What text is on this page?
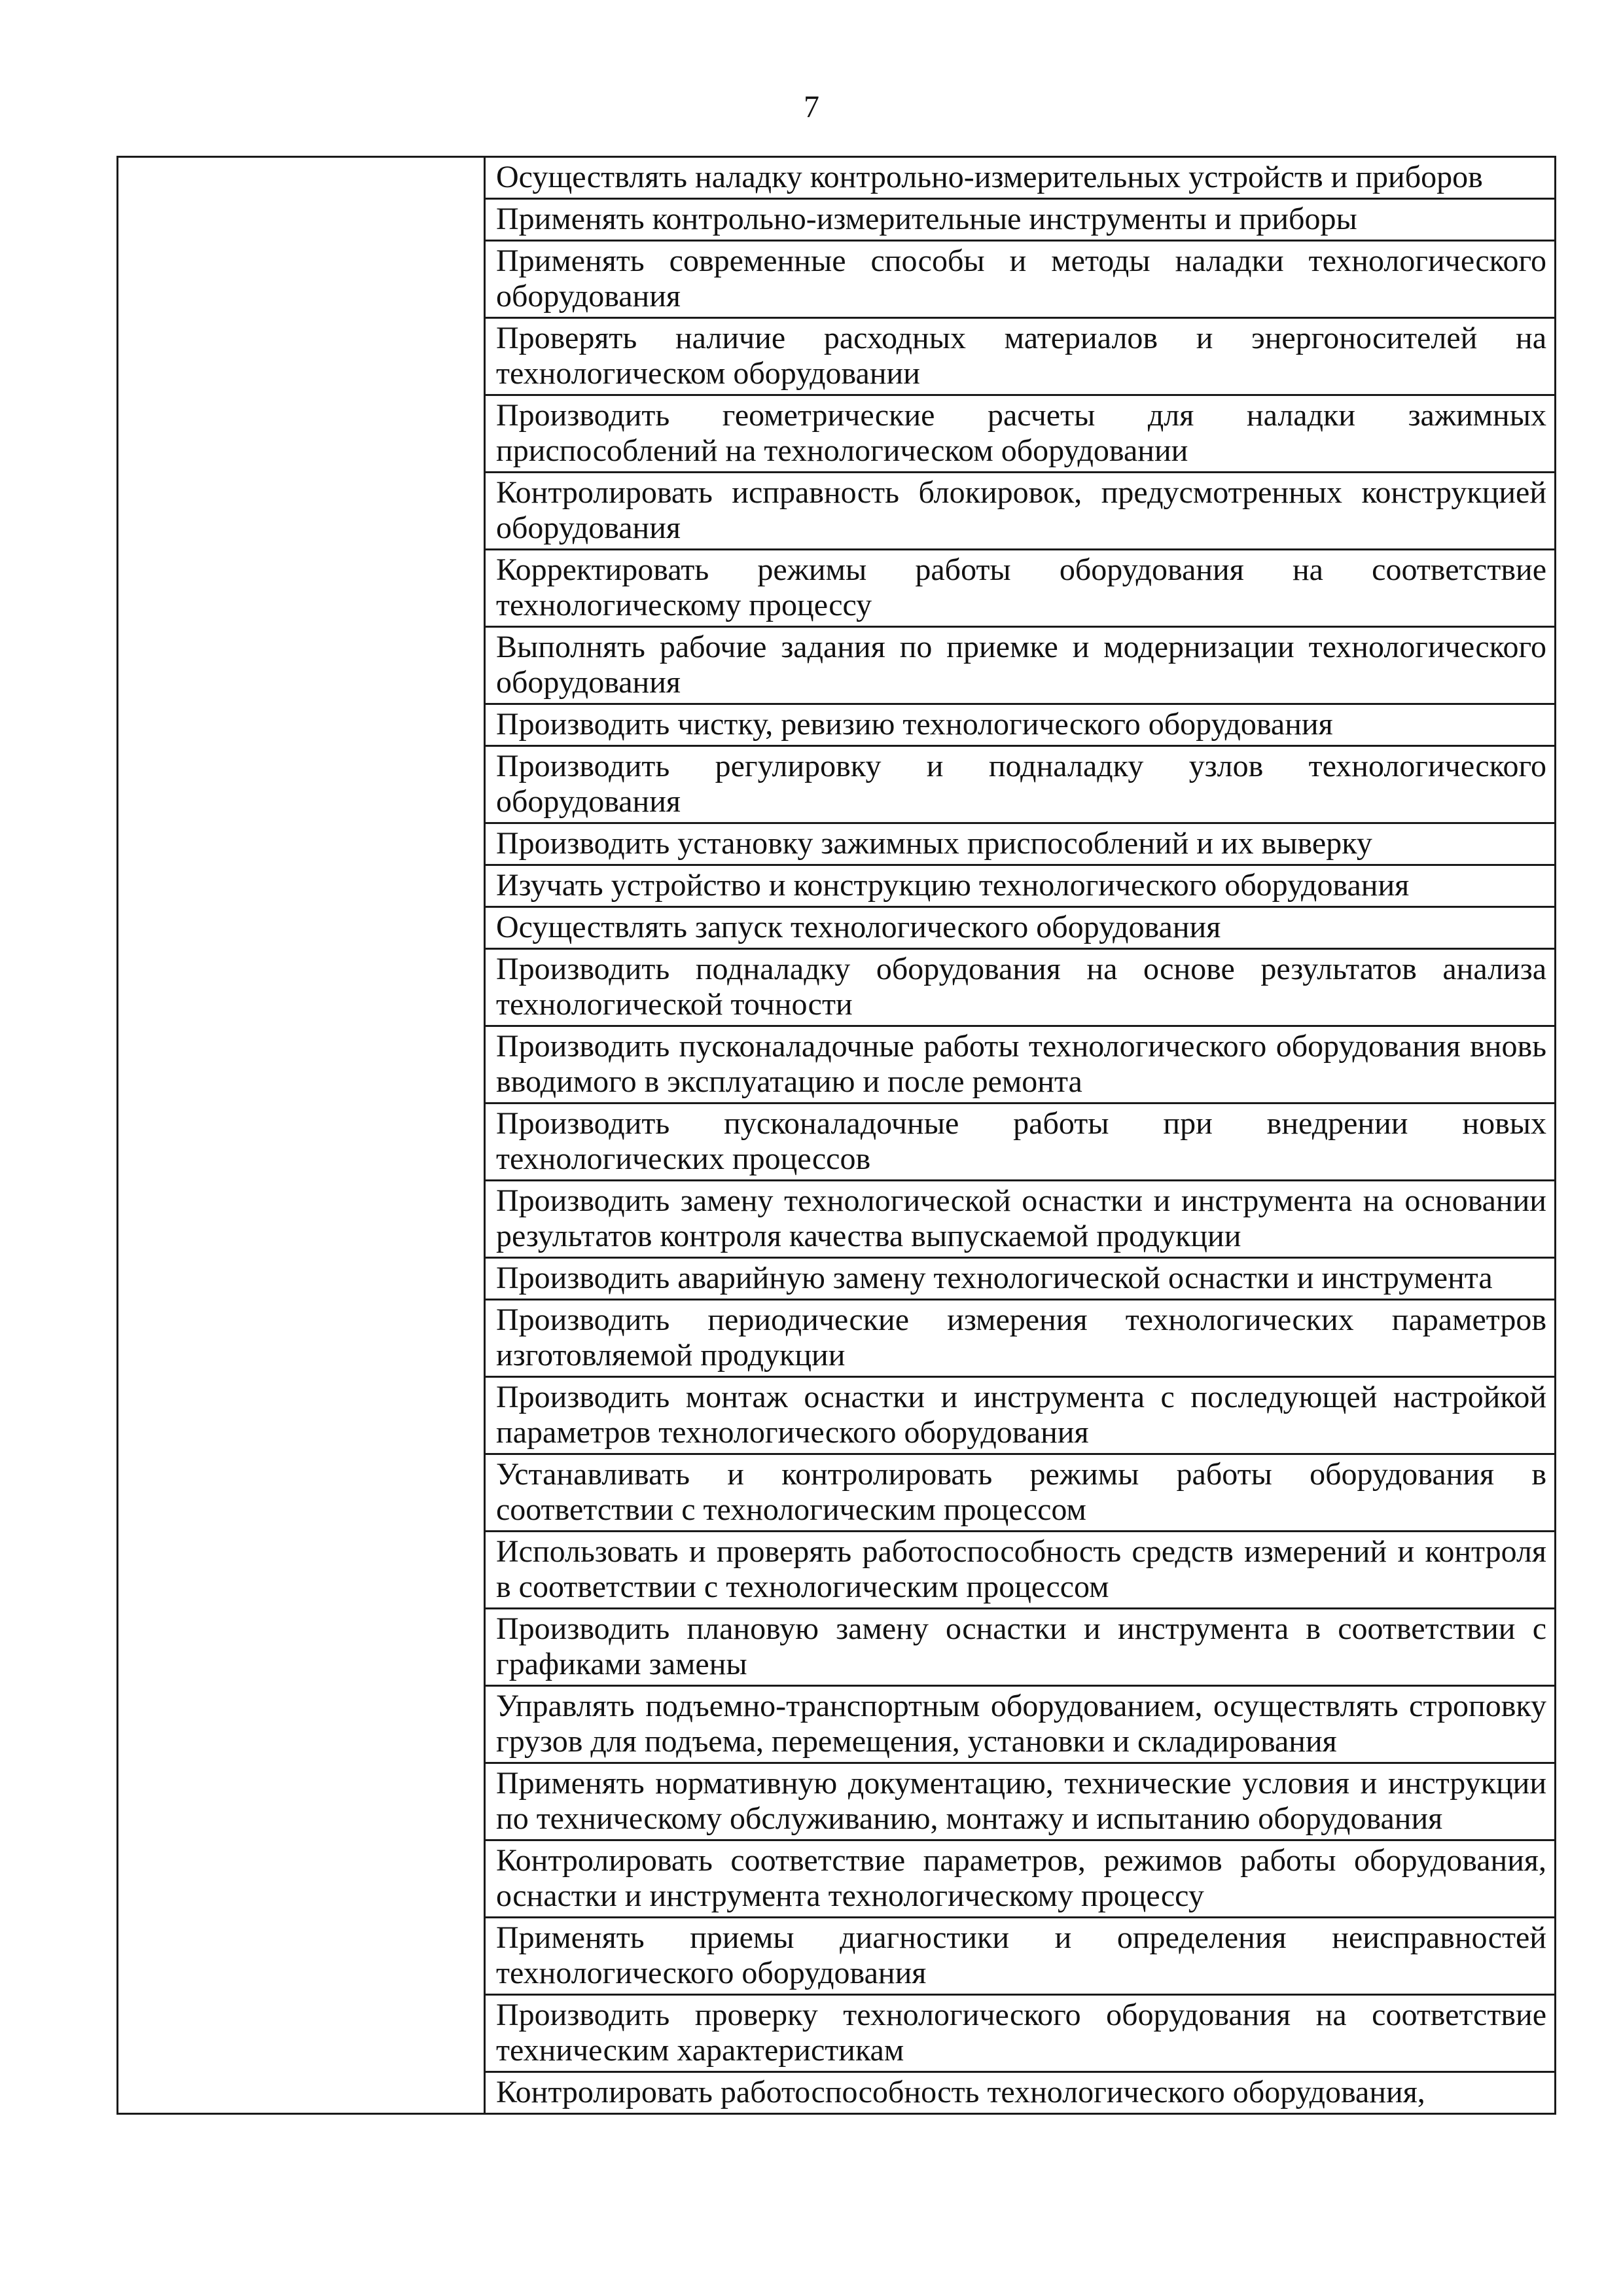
7
	Осуществлять наладку контрольно-измерительных устройств и приборов
Применять контрольно-измерительные инструменты и приборы
Применять современные способы и методы наладки технологического оборудования
Проверять наличие расходных материалов и энергоносителей на технологическом оборудовании
Производить геометрические расчеты для наладки зажимных приспособлений на технологическом оборудовании
Контролировать исправность блокировок, предусмотренных конструкцией оборудования
Корректировать режимы работы оборудования на соответствие технологическому процессу
Выполнять рабочие задания по приемке и модернизации технологического оборудования
Производить чистку, ревизию технологического оборудования
Производить регулировку и подналадку узлов технологического оборудования
Производить установку зажимных приспособлений и их выверку
Изучать устройство и конструкцию технологического оборудования
Осуществлять запуск технологического оборудования
Производить подналадку оборудования на основе результатов анализа технологической точности
Производить пусконаладочные работы технологического оборудования вновь вводимого в эксплуатацию и после ремонта
Производить пусконаладочные работы при внедрении новых технологических процессов
Производить замену технологической оснастки и инструмента на основании результатов контроля качества выпускаемой продукции
Производить аварийную замену технологической оснастки и инструмента
Производить периодические измерения технологических параметров изготовляемой продукции
Производить монтаж оснастки и инструмента с последующей настройкой параметров технологического оборудования
Устанавливать и контролировать режимы работы оборудования в соответствии с технологическим процессом
Использовать и проверять работоспособность средств измерений и контроля в соответствии с технологическим процессом
Производить плановую замену оснастки и инструмента в соответствии с графиками замены
Управлять подъемно-транспортным оборудованием, осуществлять строповку грузов для подъема, перемещения, установки и складирования
Применять нормативную документацию, технические условия и инструкции по техническому обслуживанию, монтажу и испытанию оборудования
Контролировать соответствие параметров, режимов работы оборудования, оснастки и инструмента технологическому процессу
Применять приемы диагностики и определения неисправностей технологического оборудования
Производить проверку технологического оборудования на соответствие техническим характеристикам
Контролировать работоспособность технологического оборудования,
